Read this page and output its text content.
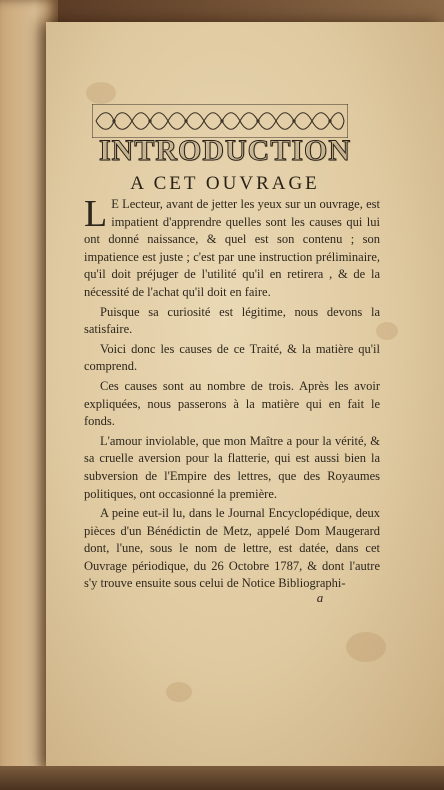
INTRODUCTION
A CET OUVRAGE

L E Lecteur, avant de jetter les yeux sur un ouvrage, est impatient d'apprendre quelles sont les causes qui lui ont donné naissance, & quel est son contenu ; son impatience est juste ; c'est par une instruction préliminaire, qu'il doit préjuger de l'utilité qu'il en retirera , & de la nécessité de l'achat qu'il doit en faire.

Puisque sa curiosité est légitime, nous devons la satisfaire.

Voici donc les causes de ce Traité, & la matière qu'il comprend.

Ces causes sont au nombre de trois. Après les avoir expliquées, nous passerons à la matière qui en fait le fonds.

L'amour inviolable, que mon Maître a pour la vérité, & sa cruelle aversion pour la flatterie, qui est aussi bien la subversion de l'Empire des lettres, que des Royaumes politiques, ont occasionné la première.

A peine eut-il lu, dans le Journal Encyclopédique, deux pièces d'un Bénédictin de Metz, appelé Dom Maugerard dont, l'une, sous le nom de lettre, est datée, dans cet Ouvrage périodique, du 26 Octobre 1787, & dont l'autre s'y trouve ensuite sous celui de Notice Bibliographi-

a
